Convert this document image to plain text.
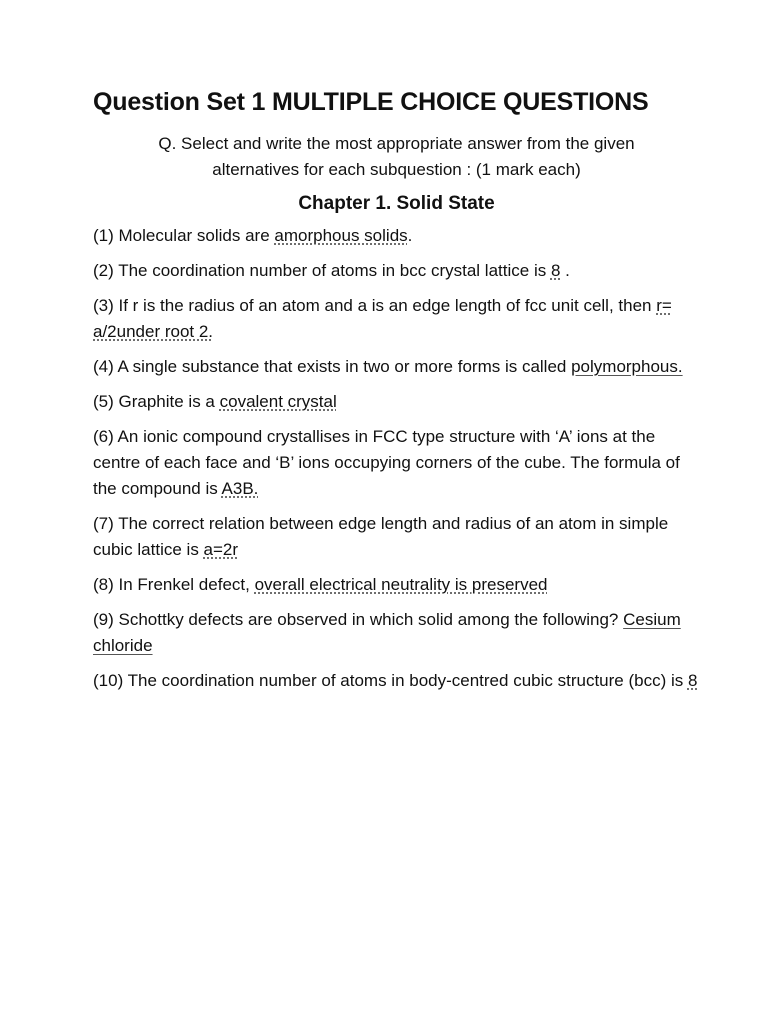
Question Set 1 MULTIPLE CHOICE QUESTIONS
Q. Select and write the most appropriate answer from the given
alternatives for each subquestion : (1 mark each)
Chapter 1. Solid State

(1) Molecular solids are amorphous solids.

(2) The coordination number of atoms in bcc crystal lattice is 8 .

(3) If r is the radius of an atom and a is an edge length of fcc unit cell, then r= a/2under root 2.

(4) A single substance that exists in two or more forms is called polymorphous.

(5) Graphite is a covalent crystal

(6) An ionic compound crystallises in FCC type structure with ‘A’ ions at the centre of each face and ‘B’ ions occupying corners of the cube. The formula of the compound is A3B.

(7) The correct relation between edge length and radius of an atom in simple cubic lattice is a=2r

(8) In Frenkel defect, overall electrical neutrality is preserved

(9) Schottky defects are observed in which solid among the following? Cesium chloride

(10) The coordination number of atoms in body-centred cubic structure (bcc) is 8
